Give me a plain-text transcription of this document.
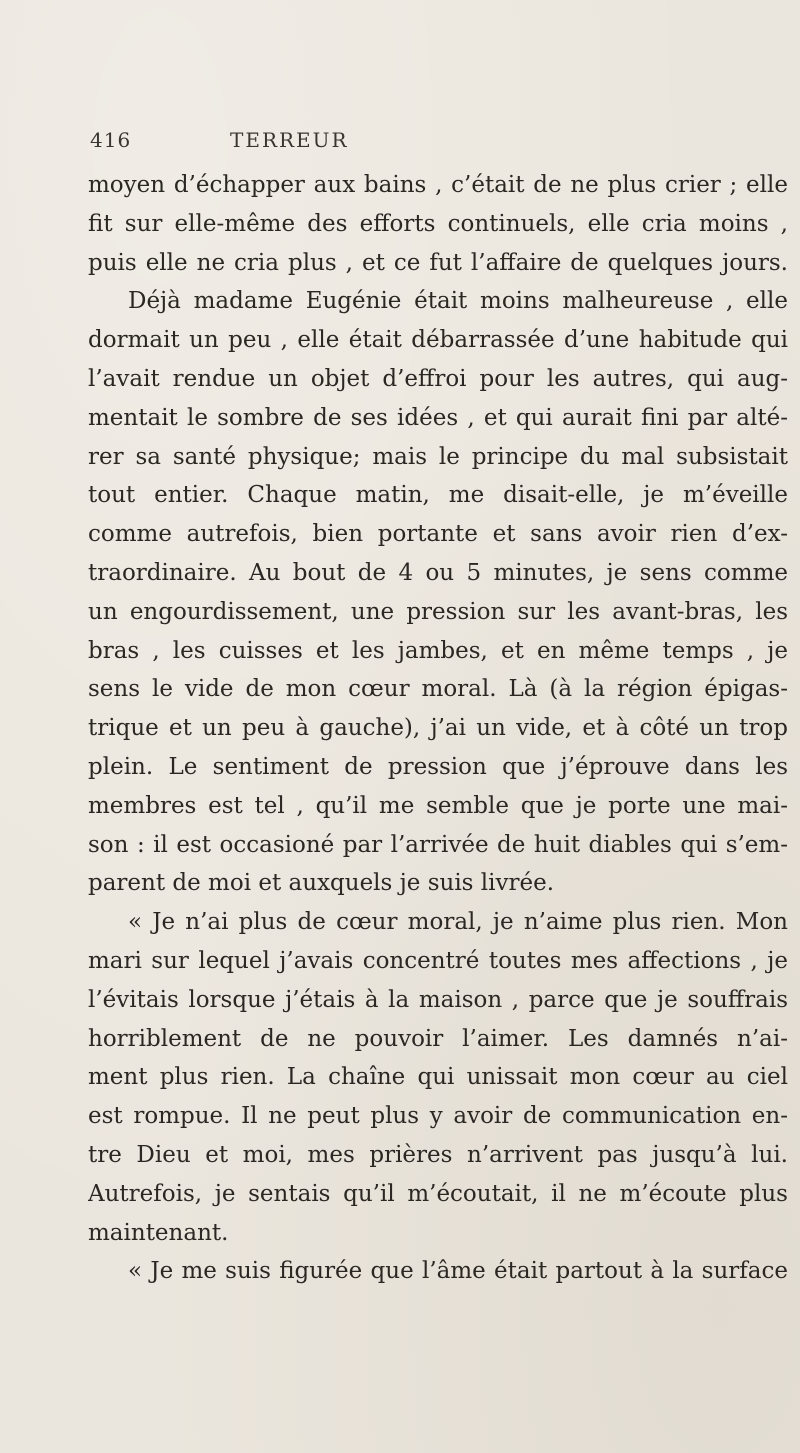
416	TERREUR
moyen d’échapper aux bains , c’était de ne plus crier ; elle
fit sur elle-même des efforts continuels, elle cria moins ,
puis elle ne cria plus , et ce fut l’affaire de quelques jours.
Déjà madame Eugénie était moins malheureuse , elle
dormait un peu , elle était débarrassée d’une habitude qui
l’avait rendue un objet d’effroi pour les autres, qui aug-
mentait le sombre de ses idées , et qui aurait fini par alté-
rer sa santé physique; mais le principe du mal subsistait
tout entier. Chaque matin, me disait-elle, je m’éveille
comme autrefois, bien portante et sans avoir rien d’ex-
traordinaire. Au bout de 4 ou 5 minutes, je sens comme
un engourdissement, une pression sur les avant-bras, les
bras , les cuisses et les jambes, et en même temps , je
sens le vide de mon cœur moral. Là (à la région épigas-
trique et un peu à gauche), j’ai un vide, et à côté un trop
plein. Le sentiment de pression que j’éprouve dans les
membres est tel , qu’il me semble que je porte une mai-
son : il est occasioné par l’arrivée de huit diables qui s’em-
parent de moi et auxquels je suis livrée.
« Je n’ai plus de cœur moral, je n’aime plus rien. Mon
mari sur lequel j’avais concentré toutes mes affections , je
l’évitais lorsque j’étais à la maison , parce que je souffrais
horriblement de ne pouvoir l’aimer. Les damnés n’ai-
ment plus rien. La chaîne qui unissait mon cœur au ciel
est rompue. Il ne peut plus y avoir de communication en-
tre Dieu et moi, mes prières n’arrivent pas jusqu’à lui.
Autrefois, je sentais qu’il m’écoutait, il ne m’écoute plus
maintenant.
« Je me suis figurée que l’âme était partout à la surface
